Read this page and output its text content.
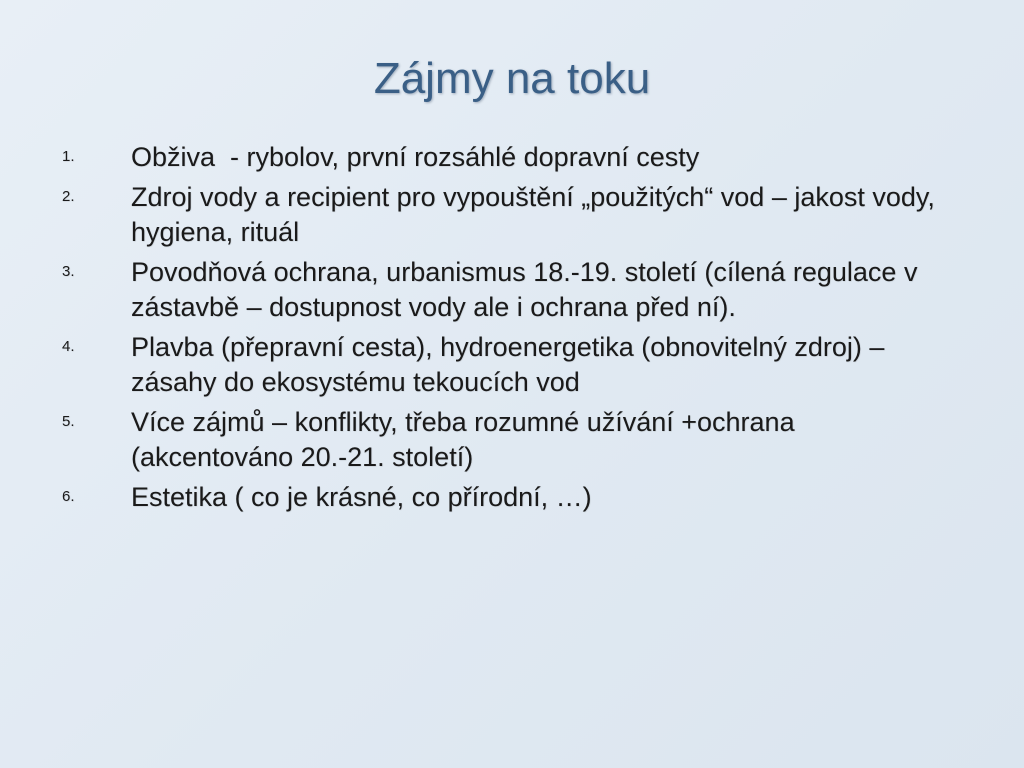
Zájmy na toku
1. Obživa  - rybolov, první rozsáhlé dopravní cesty
2. Zdroj vody a recipient pro vypouštění „použitých“ vod – jakost vody, hygiena, rituál
3. Povodňová ochrana, urbanismus 18.-19. století (cílená regulace v zástavbě – dostupnost vody ale i ochrana před ní).
4. Plavba (přepravní cesta), hydroenergetika (obnovitelný zdroj) – zásahy do ekosystému tekoucích vod
5. Více zájmů – konflikty, třeba rozumné užívání +ochrana (akcentováno 20.-21. století)
6. Estetika ( co je krásné, co přírodní, …)
